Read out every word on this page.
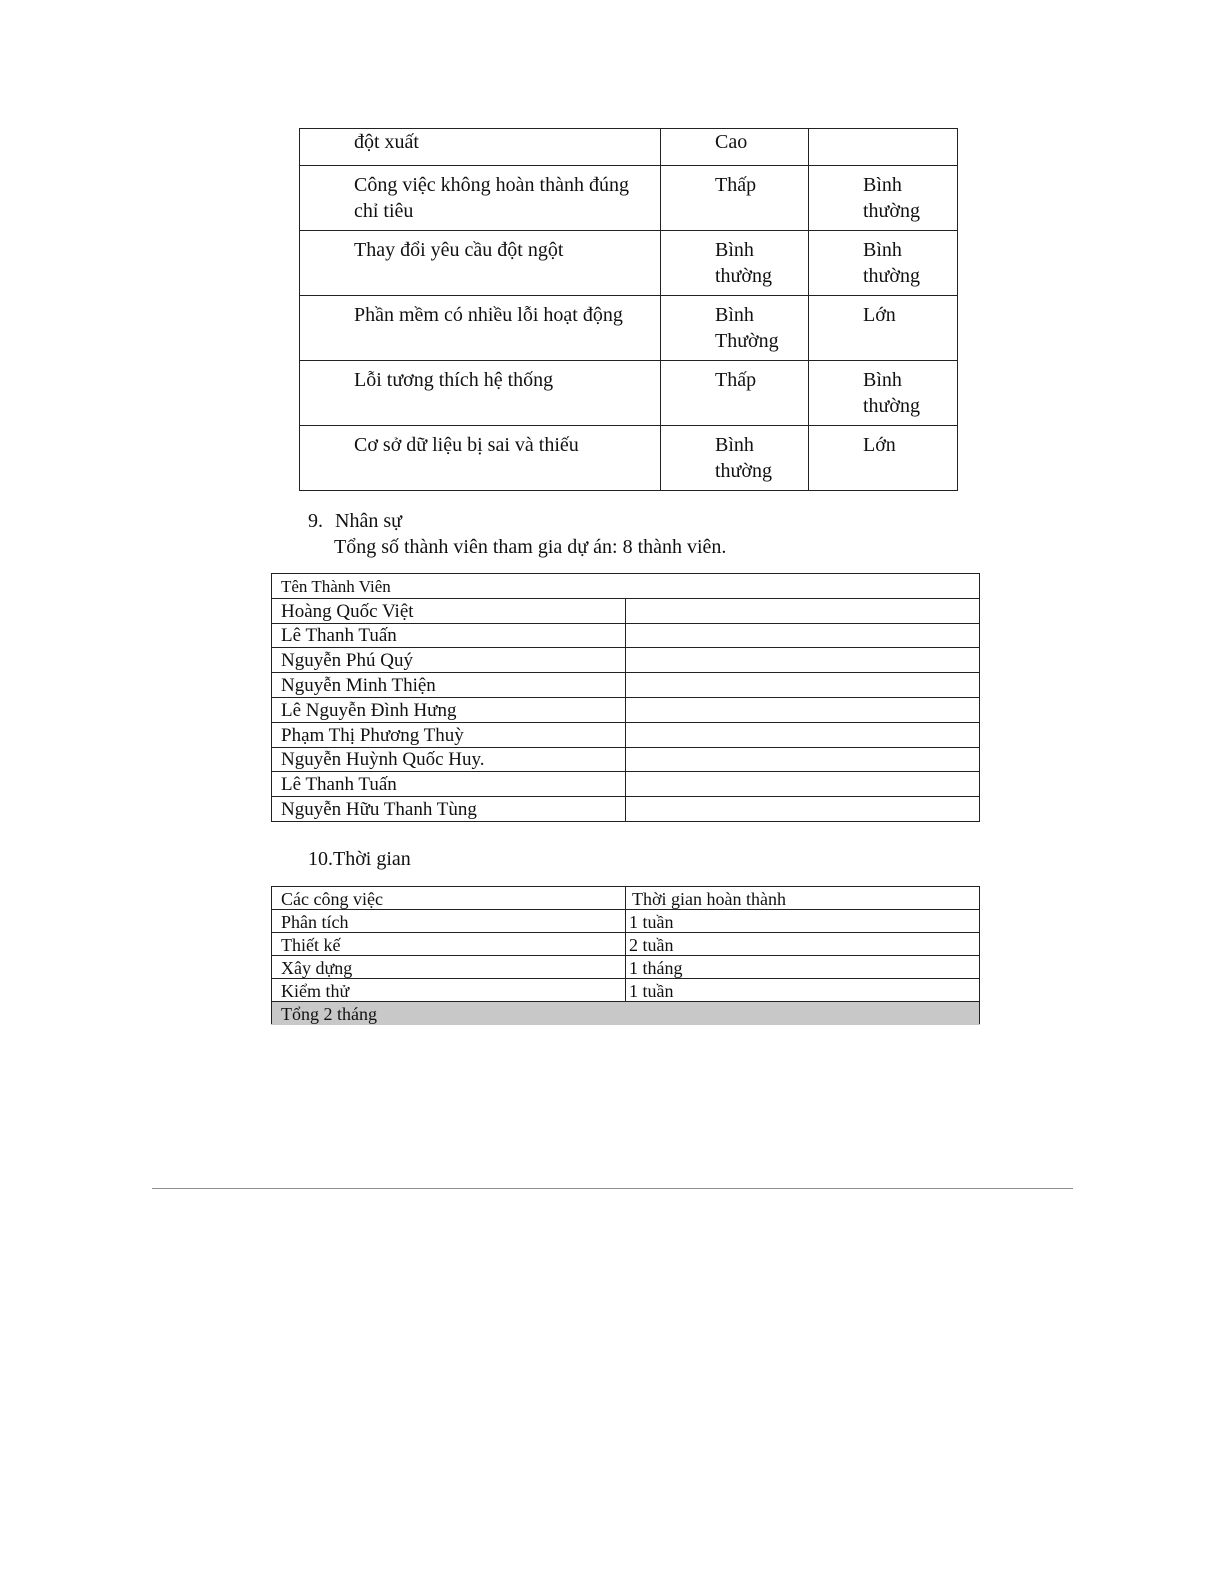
đột xuất	Cao	
Công việc không hoàn thành đúng chỉ tiêu	Thấp	Bình thường
Thay đổi yêu cầu đột ngột	Bình thường	Bình thường
Phần mềm có nhiều lỗi hoạt động	Bình Thường	Lớn
Lỗi tương thích hệ thống	Thấp	Bình thường
Cơ sở dữ liệu bị sai và thiếu	Bình thường	Lớn
9. Nhân sự
Tổng số thành viên tham gia dự án: 8 thành viên.
Tên Thành Viên	
Hoàng Quốc Việt	
Lê Thanh Tuấn	
Nguyễn Phú Quý	
Nguyễn Minh Thiện	
Lê Nguyễn Đình Hưng	
Phạm Thị Phương Thuỳ	
Nguyễn Huỳnh Quốc Huy.	
Lê Thanh Tuấn	
Nguyễn Hữu Thanh Tùng	
10.Thời gian
Các công việc	Thời gian hoàn thành
Phân tích	1 tuần
Thiết kế	2 tuần
Xây dựng	1 tháng
Kiểm thử	1 tuần
Tổng 2 tháng	
